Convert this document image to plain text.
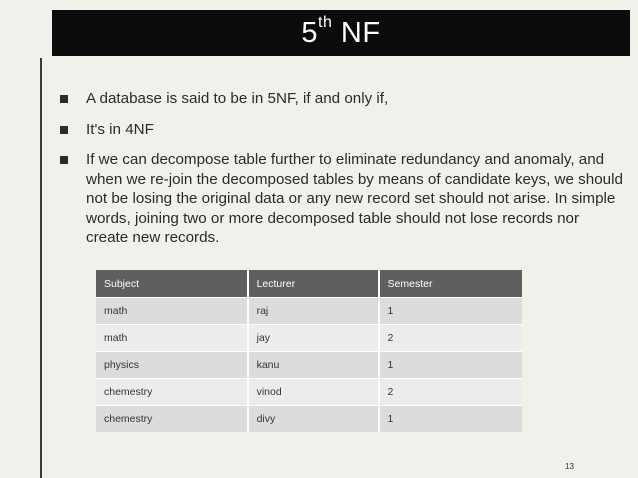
5th NF
A database is said to be in 5NF, if and only if,
It's in 4NF
If we can decompose table further to eliminate redundancy and anomaly, and when we re-join the decomposed tables by means of candidate keys, we should not be losing the original data or any new record set should not arise. In simple words, joining two or more decomposed table should not lose records nor create new records.
Subject	Lecturer	Semester
math	raj	1
math	jay	2
physics	kanu	1
chemestry	vinod	2
chemestry	divy	1
13
